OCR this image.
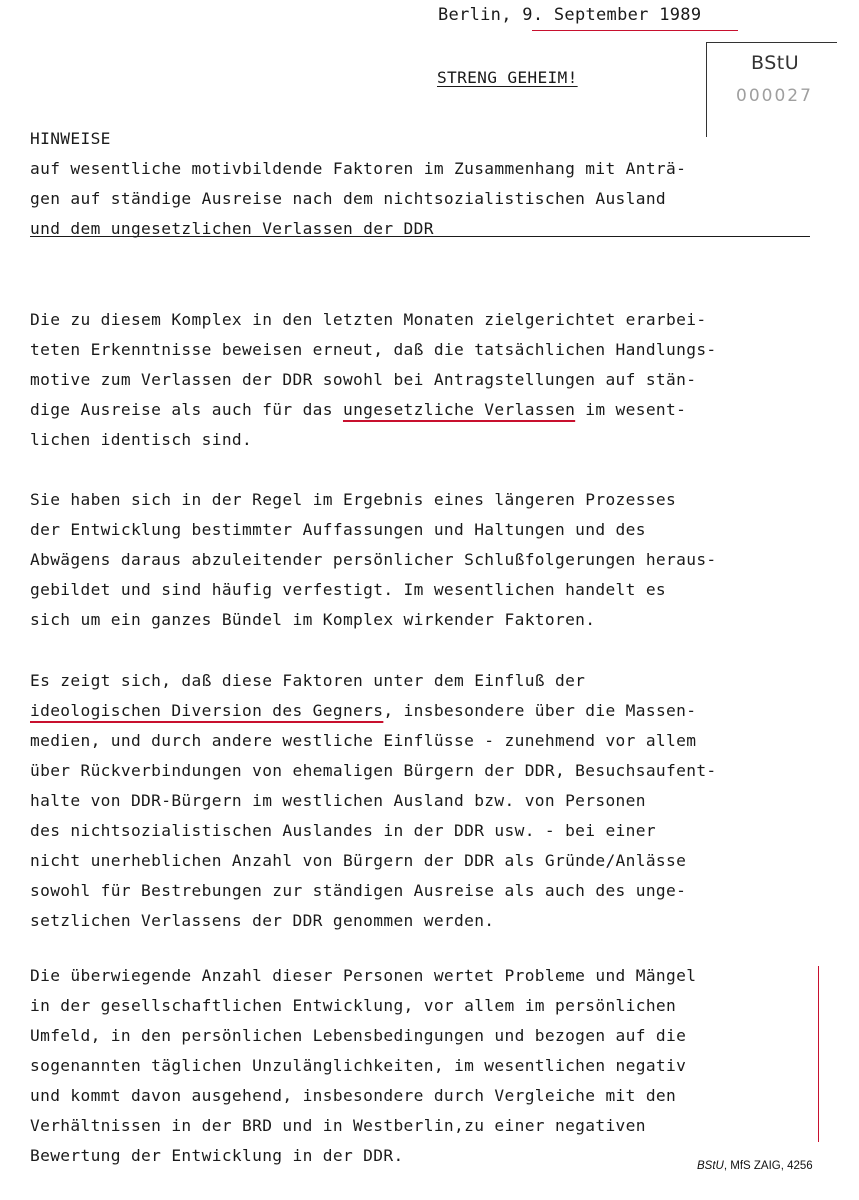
Berlin, 9. September 1989
STRENG GEHEIM!
BStU
000027

HINWEISE

auf wesentliche motivbildende Faktoren im Zusammenhang mit Anträ-

gen auf ständige Ausreise nach dem nichtsozialistischen Ausland

und dem ungesetzlichen Verlassen der DDR

Die zu diesem Komplex in den letzten Monaten zielgerichtet erarbei-

teten Erkenntnisse beweisen erneut, daß die tatsächlichen Handlungs-

motive zum Verlassen der DDR sowohl bei Antragstellungen auf stän-

dige Ausreise als auch für das ungesetzliche Verlassen im wesent-

lichen identisch sind.

Sie haben sich in der Regel im Ergebnis eines längeren Prozesses

der Entwicklung bestimmter Auffassungen und Haltungen und des

Abwägens daraus abzuleitender persönlicher Schlußfolgerungen heraus-

gebildet und sind häufig verfestigt. Im wesentlichen handelt es

sich um ein ganzes Bündel im Komplex wirkender Faktoren.

Es zeigt sich, daß diese Faktoren unter dem Einfluß der

ideologischen Diversion des Gegners, insbesondere über die Massen-

medien, und durch andere westliche Einflüsse - zunehmend vor allem

über Rückverbindungen von ehemaligen Bürgern der DDR, Besuchsaufent-

halte von DDR-Bürgern im westlichen Ausland bzw. von Personen

des nichtsozialistischen Auslandes in der DDR usw. - bei einer

nicht unerheblichen Anzahl von Bürgern der DDR als Gründe/Anlässe

sowohl für Bestrebungen zur ständigen Ausreise als auch des unge-

setzlichen Verlassens der DDR genommen werden.

Die überwiegende Anzahl dieser Personen wertet Probleme und Mängel

in der gesellschaftlichen Entwicklung, vor allem im persönlichen

Umfeld, in den persönlichen Lebensbedingungen und bezogen auf die

sogenannten täglichen Unzulänglichkeiten, im wesentlichen negativ

und kommt davon ausgehend, insbesondere durch Vergleiche mit den

Verhältnissen in der BRD und in Westberlin,zu einer negativen

Bewertung der Entwicklung in der DDR.

BStU, MfS ZAIG, 4256
